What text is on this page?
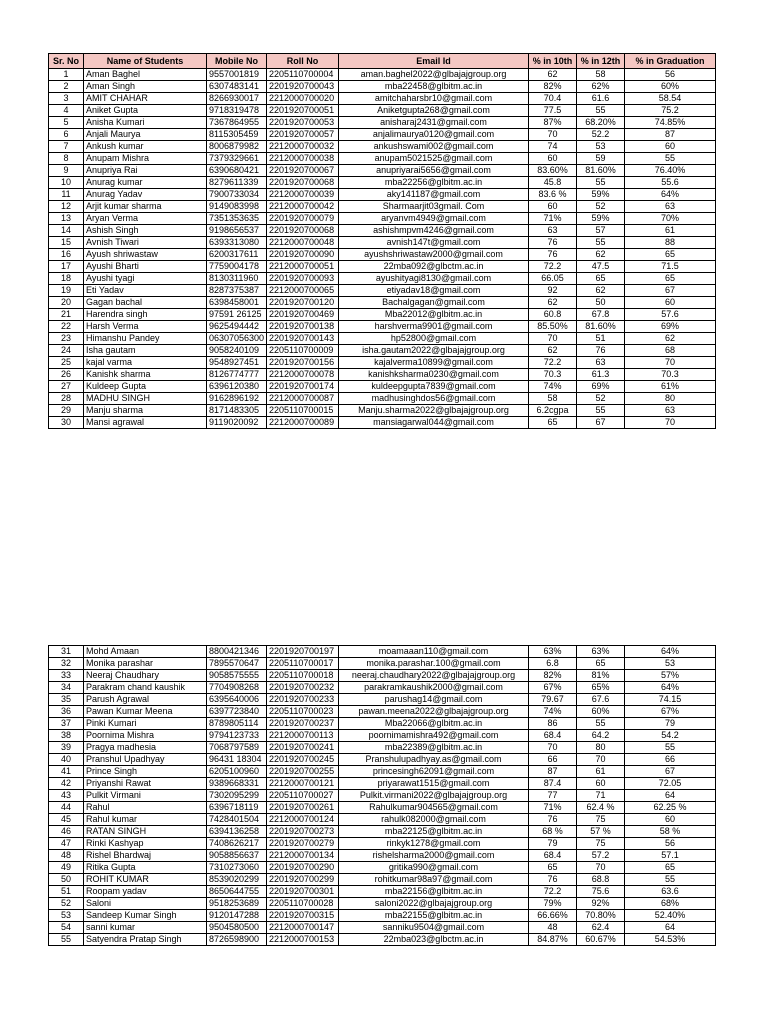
Sr. No	Name of Students	Mobile No	Roll No	Email Id	% in 10th	% in 12th	% in Graduation
1	Aman Baghel	9557001819	2205110700004	aman.baghel2022@glbajajgroup.org	62	58	56
2	Aman Singh	6307483141	2201920700043	mba22458@glbitm.ac.in	82%	62%	60%
3	AMIT CHAHAR	8266930017	2212000700020	amitchaharsbr10@gmail.com	70.4	61.6	58.54
4	Aniket Gupta	9718319478	2201920700051	Aniketgupta268@gmail.com	77.5	55	75.2
5	Anisha Kumari	7367864955	2201920700053	anisharaj2431@gmail.com	87%	68.20%	74.85%
6	Anjali Maurya	8115305459	2201920700057	anjalimaurya0120@gmail.com	70	52.2	87
7	Ankush kumar	8006879982	2212000700032	ankushswami002@gmail.com	74	53	60
8	Anupam Mishra	7379329661	2212000700038	anupam5021525@gmail.com	60	59	55
9	Anupriya Rai	6390680421	2201920700067	anupriyarai5656@gmail.com	83.60%	81.60%	76.40%
10	Anurag kumar	8279611339	2201920700068	mba22256@glbitm.ac.in	45.8	55	55.6
11	Anurag Yadav	7900733034	2212000700039	aky141187@gmail.com	83.6 %	59%	64%
12	Arjit kumar sharma	9149083998	2212000700042	Sharmaarjit03gmail. Com	60	52	63
13	Aryan Verma	7351353635	2201920700079	aryanvm4949@gmail.com	71%	59%	70%
14	Ashish Singh	9198656537	2201920700068	ashishmpvm4246@gmail.com	63	57	61
15	Avnish Tiwari	6393313080	2212000700048	avnish147t@gmail.com	76	55	88
16	Ayush shriwastaw	6200317611	2201920700090	ayushshriwastaw2000@gmail.com	76	62	65
17	Ayushi Bharti	7759004178	2212000700051	22mba092@glbctm.ac.in	72.2	47.5	71.5
18	Ayushi tyagi	8130311960	2201920700093	ayushityagi8130@gmail.com	66.05	65	65
19	Eti Yadav	8287375387	2212000700065	etiyadav18@gmail.com	92	62	67
20	Gagan bachal	6398458001	2201920700120	Bachalgagan@gmail.com	62	50	60
21	Harendra singh	97591 26125	2201920700469	Mba22012@glbitm.ac.in	60.8	67.8	57.6
22	Harsh Verma	9625494442	2201920700138	harshverma9901@gmail.com	85.50%	81.60%	69%
23	Himanshu Pandey	06307056300	2201920700143	hp52800@gmail.com	70	51	62
24	Isha gautam	9058240109	2205110700009	isha.gautam2022@glbajajgroup.org	62	76	68
25	kajal varma	9548927451	2201920700156	kajalverma10899@gmail.com	72.2	63	70
26	Kanishk sharma	8126774777	2212000700078	kanishksharma0230@gmail.com	70.3	61.3	70.3
27	Kuldeep Gupta	6396120380	2201920700174	kuldeepgupta7839@gmail.com	74%	69%	61%
28	MADHU SINGH	9162896192	2212000700087	madhusinghdos56@gmail.com	58	52	80
29	Manju sharma	8171483305	2205110700015	Manju.sharma2022@glbajajgroup.org	6.2cgpa	55	63
30	Mansi agrawal	9119020092	2212000700089	mansiagarwal044@gmail.com	65	67	70
31	Mohd Amaan	8800421346	2201920700197	moamaaan110@gmail.com	63%	63%	64%
32	Monika parashar	7895570647	2205110700017	monika.parashar.100@gmail.com	6.8	65	53
33	Neeraj Chaudhary	9058575555	2205110700018	neeraj.chaudhary2022@glbajajgroup.org	82%	81%	57%
34	Parakram chand kaushik	7704908268	2201920700232	parakramkaushik2000@gmail.com	67%	65%	64%
35	Parush Agrawal	6395640006	2201920700233	parushag14@gmail.com	79.67	67.6	74.15
36	Pawan Kumar Meena	6397723840	2205110700023	pawan.meena2022@glbajajgroup.org	74%	60%	67%
37	Pinki Kumari	8789805114	2201920700237	Mba22066@glbitm.ac.in	86	55	79
38	Poornima Mishra	9794123733	2212000700113	poornimamishra492@gmail.com	68.4	64.2	54.2
39	Pragya madhesia	7068797589	2201920700241	mba22389@glbitm.ac.in	70	80	55
40	Pranshul Upadhyay	96431 18304	2201920700245	Pranshulupadhyay.as@gmail.com	66	70	66
41	Prince Singh	6205100960	2201920700255	princesingh62091@gmail.com	87	61	67
42	Priyanshi Rawat	9389668331	2212000700121	priyarawat1515@gmail.com	87.4	60	72.05
43	Pulkit Virmani	7302095299	2205110700027	Pulkit.virmani2022@glbajajgroup.org	77	71	64
44	Rahul	6396718119	2201920700261	Rahulkumar904565@gmail.com	71%	62.4 %	62.25 %
45	Rahul kumar	7428401504	2212000700124	rahulk082000@gmail.com	76	75	60
46	RATAN SINGH	6394136258	2201920700273	mba22125@glbitm.ac.in	68 %	57 %	58 %
47	Rinki Kashyap	7408626217	2201920700279	rinkyk1278@gmail.com	79	75	56
48	Rishel Bhardwaj	9058856637	2212000700134	rishelsharma2000@gmail.com	68.4	57.2	57.1
49	Ritika Gupta	7310273060	2201920700290	gritika990@gmail.com	65	70	65
50	ROHIT KUMAR	8539020299	2201920700299	rohitkumar98a97@gmail.com	76	68.8	55
51	Roopam yadav	8650644755	2201920700301	mba22156@glbitm.ac.in	72.2	75.6	63.6
52	Saloni	9518253689	2205110700028	saloni2022@glbajajgroup.org	79%	92%	68%
53	Sandeep Kumar Singh	9120147288	2201920700315	mba22155@glbitm.ac.in	66.66%	70.80%	52.40%
54	sanni kumar	9504580500	2212000700147	sanniku9504@gmail.com	48	62.4	64
55	Satyendra Pratap Singh	8726598900	2212000700153	22mba023@glbctm.ac.in	84.87%	60.67%	54.53%
